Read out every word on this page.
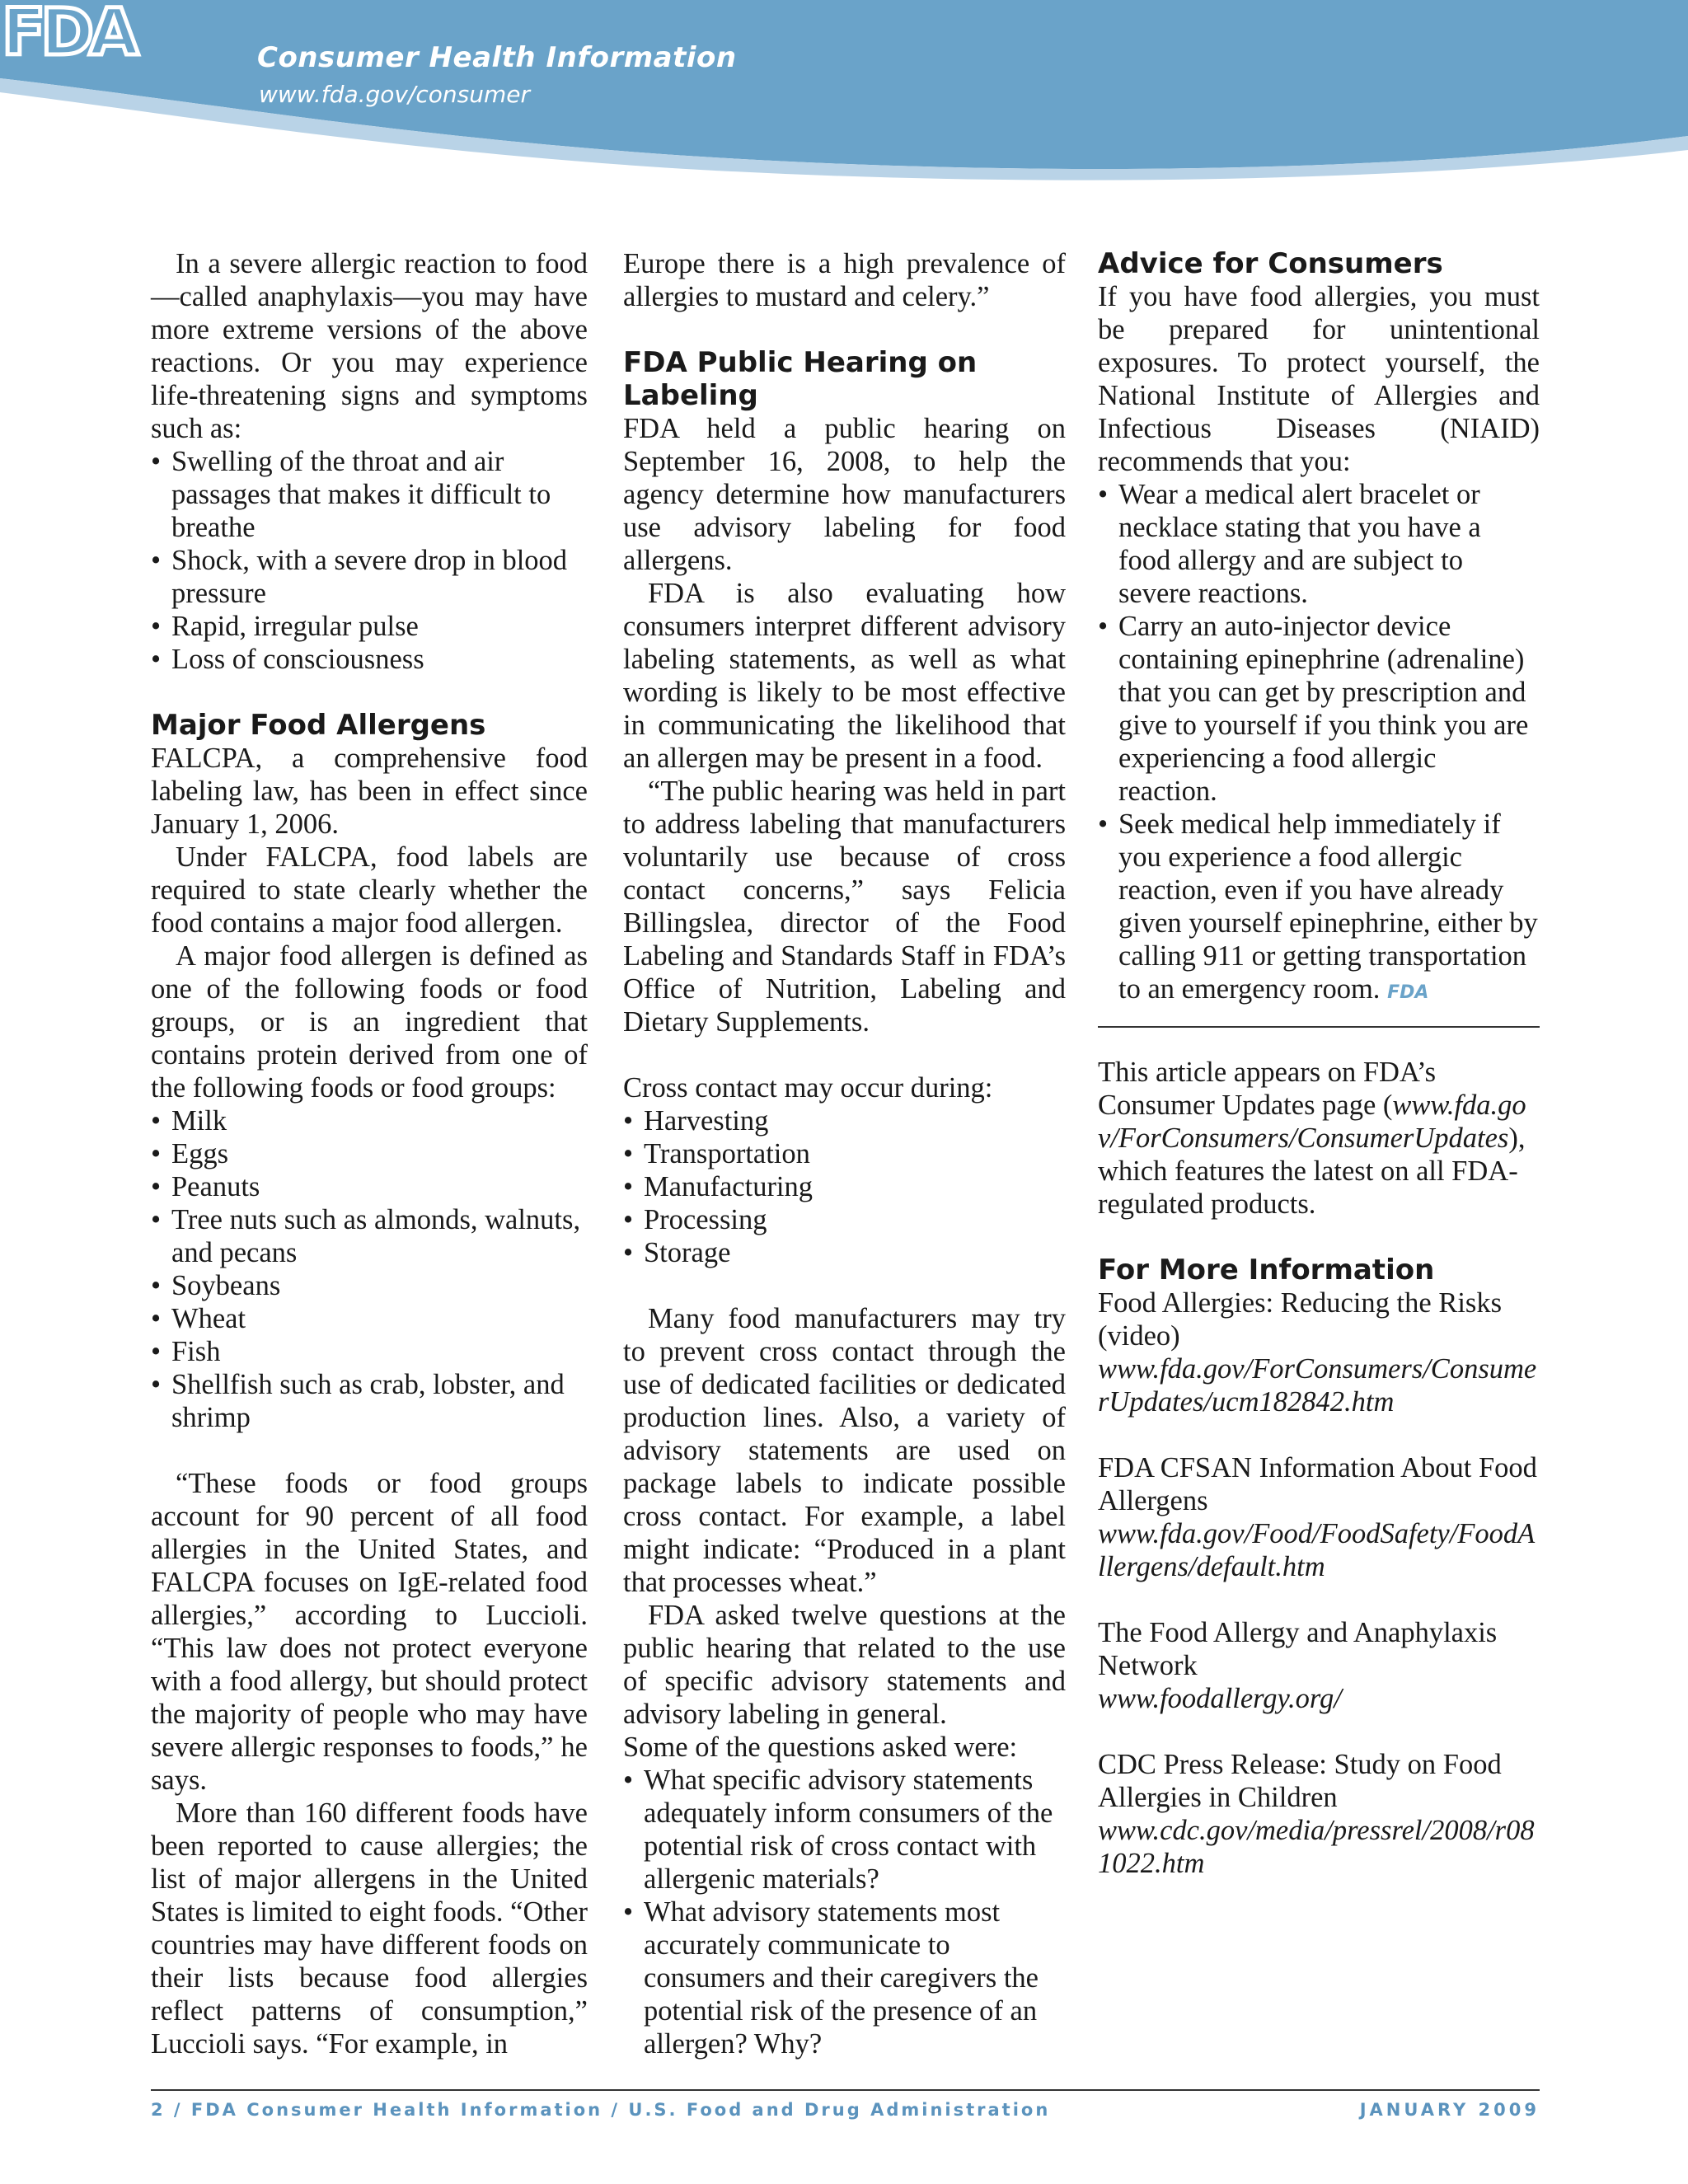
FDA	Consumer Health Information
www.fda.gov/consumer

In a severe allergic reaction to food—called anaphylaxis—you may have more extreme versions of the above reactions. Or you may experience life-threatening signs and symptoms such as:

• Swelling of the throat and air passages that makes it difficult to breathe
• Shock, with a severe drop in blood pressure
• Rapid, irregular pulse
• Loss of consciousness
Major Food Allergens

FALCPA, a comprehensive food labeling law, has been in effect since January 1, 2006.

Under FALCPA, food labels are required to state clearly whether the food contains a major food allergen.

A major food allergen is defined as one of the following foods or food groups, or is an ingredient that contains protein derived from one of the following foods or food groups:

• Milk
• Eggs
• Peanuts
• Tree nuts such as almonds, walnuts, and pecans
• Soybeans
• Wheat
• Fish
• Shellfish such as crab, lobster, and shrimp

“These foods or food groups account for 90 percent of all food allergies in the United States, and FALCPA focuses on IgE-related food allergies,” according to Luccioli. “This law does not protect everyone with a food allergy, but should protect the majority of people who may have severe allergic responses to foods,” he says.

More than 160 different foods have been reported to cause allergies; the list of major allergens in the United States is limited to eight foods. “Other countries may have different foods on their lists because food allergies reflect patterns of consumption,” Luccioli says. “For example, in

Europe there is a high prevalence of allergies to mustard and celery.”

FDA Public Hearing on Labeling

FDA held a public hearing on September 16, 2008, to help the agency determine how manufacturers use advisory labeling for food allergens.

FDA is also evaluating how consumers interpret different advisory labeling statements, as well as what wording is likely to be most effective in communicating the likelihood that an allergen may be present in a food.

“The public hearing was held in part to address labeling that manufacturers voluntarily use because of cross contact concerns,” says Felicia Billingslea, director of the Food Labeling and Standards Staff in FDA’s Office of Nutrition, Labeling and Dietary Supplements.

Cross contact may occur during:

• Harvesting
• Transportation
• Manufacturing
• Processing
• Storage

Many food manufacturers may try to prevent cross contact through the use of dedicated facilities or dedicated production lines. Also, a variety of advisory statements are used on package labels to indicate possible cross contact. For example, a label might indicate: “Produced in a plant that processes wheat.”

FDA asked twelve questions at the public hearing that related to the use of specific advisory statements and advisory labeling in general.

Some of the questions asked were:

• What specific advisory statements adequately inform consumers of the potential risk of cross contact with allergenic materials?
• What advisory statements most accurately communicate to consumers and their caregivers the potential risk of the presence of an allergen? Why?
Advice for Consumers

If you have food allergies, you must be prepared for unintentional exposures. To protect yourself, the National Institute of Allergies and Infectious Diseases (NIAID) recommends that you:

• Wear a medical alert bracelet or necklace stating that you have a food allergy and are subject to severe reactions.
• Carry an auto-injector device containing epinephrine (adrenaline) that you can get by prescription and give to yourself if you think you are experiencing a food allergic reaction.
• Seek medical help immediately if you experience a food allergic reaction, even if you have already given yourself epinephrine, either by calling 911 or getting transportation to an emergency room. FDA

This article appears on FDA’s Consumer Updates page (www.fda.gov/ForConsumers/ConsumerUpdates), which features the latest on all FDA-regulated products.

For More Information

Food Allergies: Reducing the Risks (video)

www.fda.gov/ForConsumers/ConsumerUpdates/ucm182842.htm

FDA CFSAN Information About Food Allergens

www.fda.gov/Food/FoodSafety/FoodAllergens/default.htm

The Food Allergy and Anaphylaxis Network

www.foodallergy.org/

CDC Press Release: Study on Food Allergies in Children

www.cdc.gov/media/pressrel/2008/r081022.htm

2 / FDA Consumer Health Information / U.S. Food and Drug Administration	JANUARY 2009
